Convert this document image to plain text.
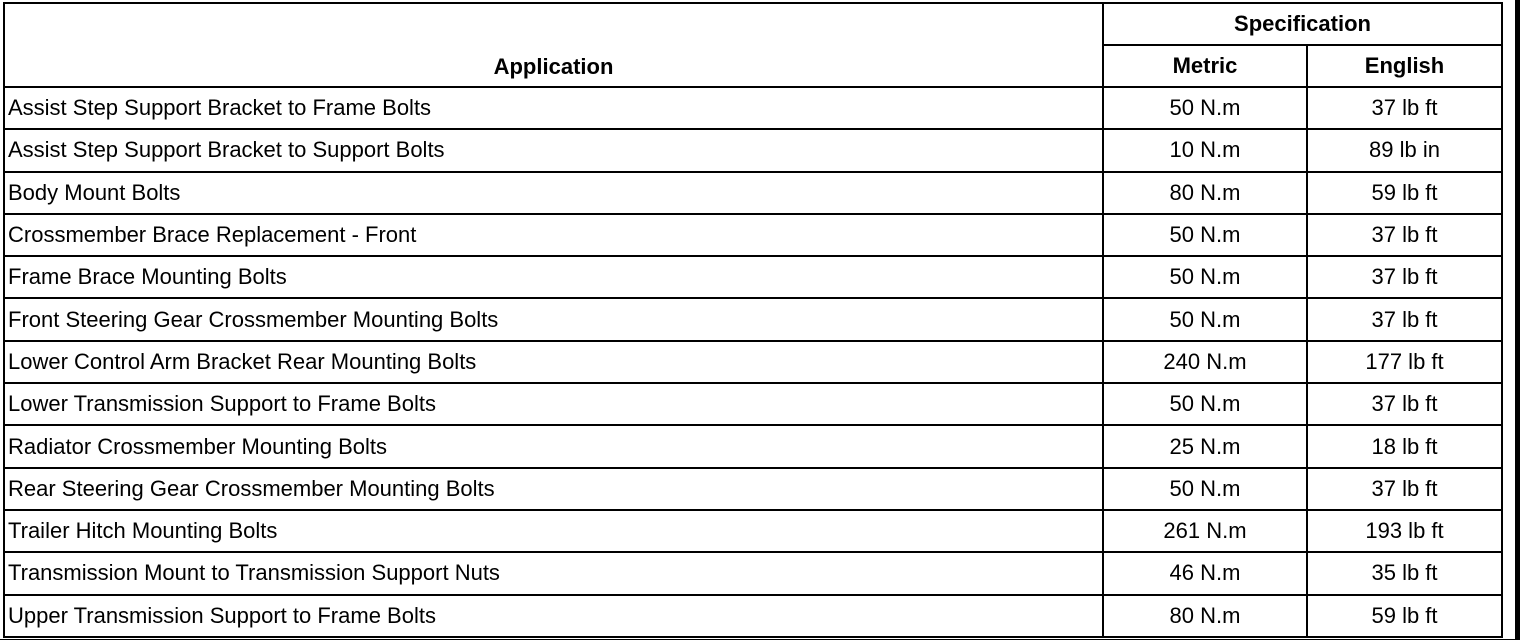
Application	Specification	
	Metric	English
Assist Step Support Bracket to Frame Bolts	50 N.m	37 lb ft
Assist Step Support Bracket to Support Bolts	10 N.m	89 lb in
Body Mount Bolts	80 N.m	59 lb ft
Crossmember Brace Replacement - Front	50 N.m	37 lb ft
Frame Brace Mounting Bolts	50 N.m	37 lb ft
Front Steering Gear Crossmember Mounting Bolts	50 N.m	37 lb ft
Lower Control Arm Bracket Rear Mounting Bolts	240 N.m	177 lb ft
Lower Transmission Support to Frame Bolts	50 N.m	37 lb ft
Radiator Crossmember Mounting Bolts	25 N.m	18 lb ft
Rear Steering Gear Crossmember Mounting Bolts	50 N.m	37 lb ft
Trailer Hitch Mounting Bolts	261 N.m	193 lb ft
Transmission Mount to Transmission Support Nuts	46 N.m	35 lb ft
Upper Transmission Support to Frame Bolts	80 N.m	59 lb ft
